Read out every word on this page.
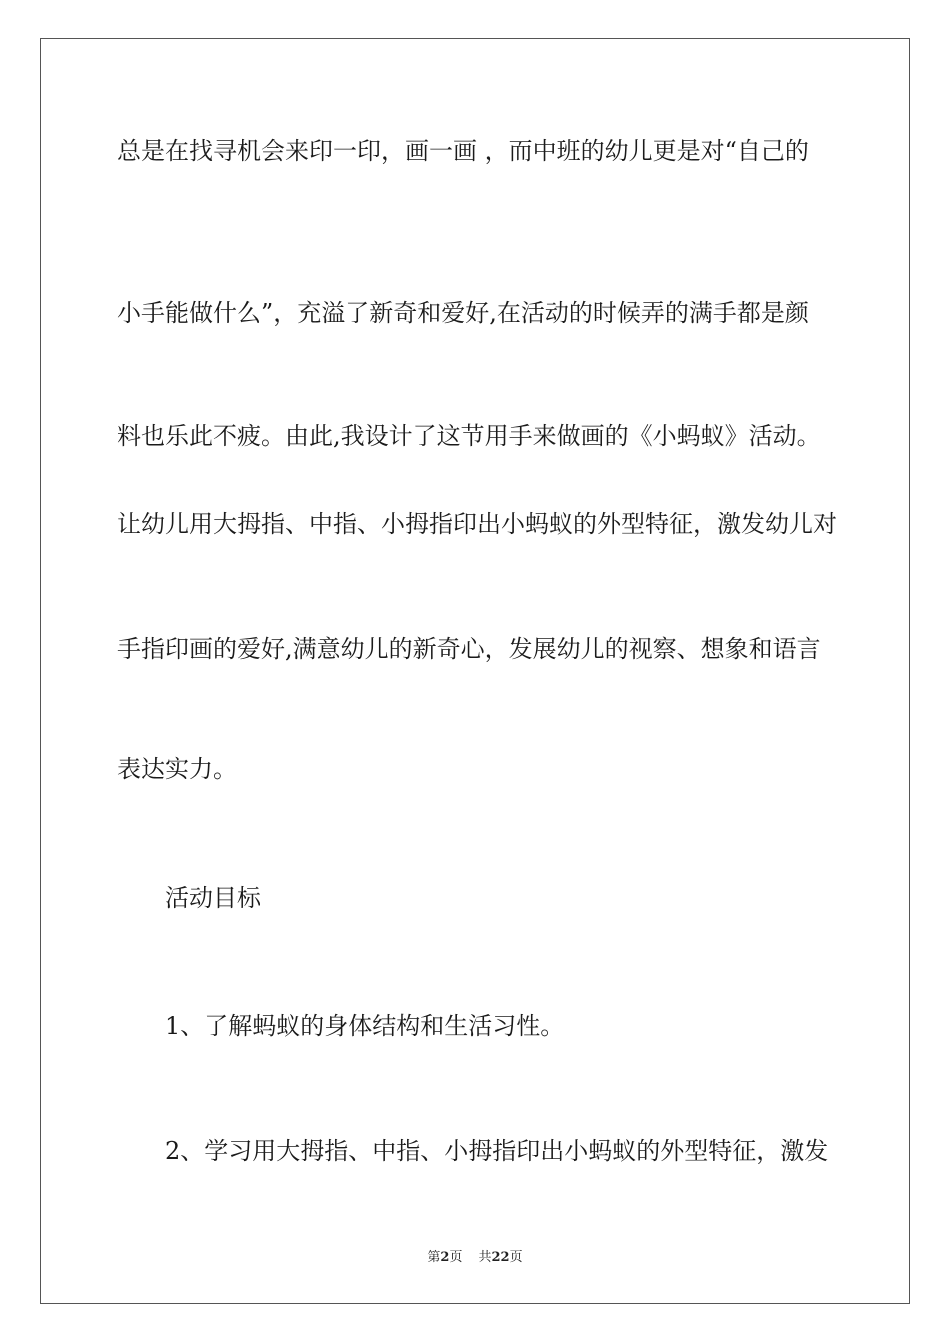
总是在找寻机会来印一印，画一画 ，而中班的幼儿更是对“自己的

小手能做什么”，充溢了新奇和爱好,在活动的时候弄的满手都是颜

料也乐此不疲。由此,我设计了这节用手来做画的《小蚂蚁》活动。

让幼儿用大拇指、中指、小拇指印出小蚂蚁的外型特征，激发幼儿对

手指印画的爱好,满意幼儿的新奇心，发展幼儿的视察、想象和语言

表达实力。

活动目标

1、了解蚂蚁的身体结构和生活习性。

2、学习用大拇指、中指、小拇指印出小蚂蚁的外型特征，激发

第2页 共22页
